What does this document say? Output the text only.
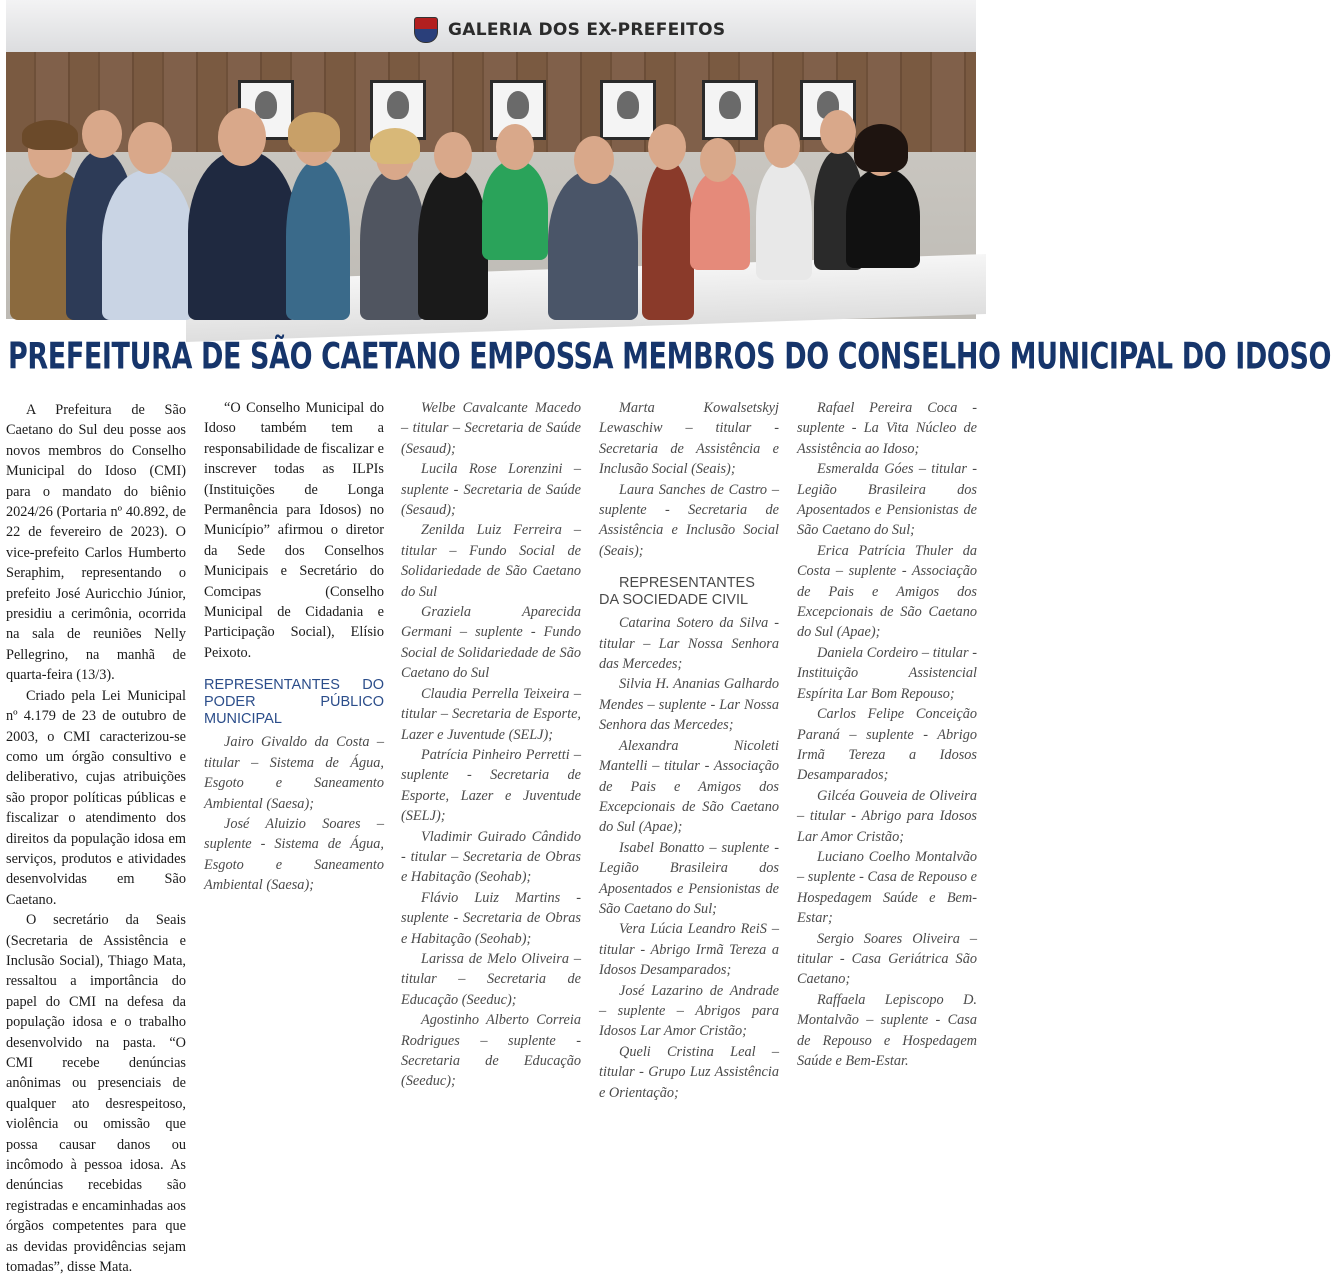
GALERIA DOS EX-PREFEITOS
PREFEITURA DE SÃO CAETANO EMPOSSA MEMBROS DO CONSELHO MUNICIPAL DO IDOSO

A Prefeitura de São Caetano do Sul deu posse aos novos membros do Conselho Municipal do Idoso (CMI) para o mandato do biênio 2024/26 (Portaria nº 40.892, de 22 de fevereiro de 2023). O vice-prefeito Carlos Humberto Seraphim, representando o prefeito José Auricchio Júnior, presidiu a cerimônia, ocorrida na sala de reuniões Nelly Pellegrino, na manhã de quarta-feira (13/3).

Criado pela Lei Municipal nº 4.179 de 23 de outubro de 2003, o CMI caracterizou-se como um órgão consultivo e deliberativo, cujas atribuições são propor políticas públicas e fiscalizar o atendimento dos direitos da população idosa em serviços, produtos e atividades desenvolvidas em São Caetano.

O secretário da Seais (Secretaria de Assistência e Inclusão Social), Thiago Mata, ressaltou a importância do papel do CMI na defesa da população idosa e o trabalho desenvolvido na pasta. “O CMI recebe denúncias anônimas ou presenciais de qualquer ato desrespeitoso, violência ou omissão que possa causar danos ou incômodo à pessoa idosa. As denúncias recebidas são registradas e encaminhadas aos órgãos competentes para que as devidas providências sejam tomadas”, disse Mata.

“O Conselho Municipal do Idoso também tem a responsabilidade de fiscalizar e inscrever todas as ILPIs (Instituições de Longa Permanência para Idosos) no Município” afirmou o diretor da Sede dos Conselhos Municipais e Secretário do Comcipas (Conselho Municipal de Cidadania e Participação Social), Elísio Peixoto.

REPRESENTANTES DO PODER PÚBLICO MUNICIPAL

Jairo Givaldo da Costa – titular – Sistema de Água, Esgoto e Saneamento Ambiental (Saesa);

José Aluizio Soares – suplente - Sistema de Água, Esgoto e Saneamento Ambiental (Saesa);

Welbe Cavalcante Macedo – titular – Secretaria de Saúde (Sesaud);

Lucila Rose Lorenzini – suplente - Secretaria de Saúde (Sesaud);

Zenilda Luiz Ferreira – titular – Fundo Social de Solidariedade de São Caetano do Sul

Graziela Aparecida Germani – suplente - Fundo Social de Solidariedade de São Caetano do Sul

Claudia Perrella Teixeira – titular – Secretaria de Esporte, Lazer e Juventude (SELJ);

Patrícia Pinheiro Perretti – suplente - Secretaria de Esporte, Lazer e Juventude (SELJ);

Vladimir Guirado Cândido - titular – Secretaria de Obras e Habitação (Seohab);

Flávio Luiz Martins - suplente - Secretaria de Obras e Habitação (Seohab);

Larissa de Melo Oliveira – titular – Secretaria de Educação (Seeduc);

Agostinho Alberto Correia Rodrigues – suplente - Secretaria de Educação (Seeduc);

Marta Kowalsetskyj Lewaschiw – titular - Secretaria de Assistência e Inclusão Social (Seais);

Laura Sanches de Castro – suplente - Secretaria de Assistência e Inclusão Social (Seais);

REPRESENTANTES DA SOCIEDADE CIVIL

Catarina Sotero da Silva - titular – Lar Nossa Senhora das Mercedes;

Silvia H. Ananias Galhardo Mendes – suplente - Lar Nossa Senhora das Mercedes;

Alexandra Nicoleti Mantelli – titular - Associação de Pais e Amigos dos Excepcionais de São Caetano do Sul (Apae);

Isabel Bonatto – suplente - Legião Brasileira dos Aposentados e Pensionistas de São Caetano do Sul;

Vera Lúcia Leandro ReiS – titular - Abrigo Irmã Tereza a Idosos Desamparados;

José Lazarino de Andrade – suplente – Abrigos para Idosos Lar Amor Cristão;

Queli Cristina Leal – titular - Grupo Luz Assistência e Orientação;

Rafael Pereira Coca - suplente - La Vita Núcleo de Assistência ao Idoso;

Esmeralda Góes – titular - Legião Brasileira dos Aposentados e Pensionistas de São Caetano do Sul;

Erica Patrícia Thuler da Costa – suplente - Associação de Pais e Amigos dos Excepcionais de São Caetano do Sul (Apae);

Daniela Cordeiro – titular - Instituição Assistencial Espírita Lar Bom Repouso;

Carlos Felipe Conceição Paraná – suplente - Abrigo Irmã Tereza a Idosos Desamparados;

Gilcéa Gouveia de Oliveira – titular - Abrigo para Idosos Lar Amor Cristão;

Luciano Coelho Montalvão – suplente - Casa de Repouso e Hospedagem Saúde e Bem-Estar;

Sergio Soares Oliveira – titular - Casa Geriátrica São Caetano;

Raffaela Lepiscopo D. Montalvão – suplente - Casa de Repouso e Hospedagem Saúde e Bem-Estar.
